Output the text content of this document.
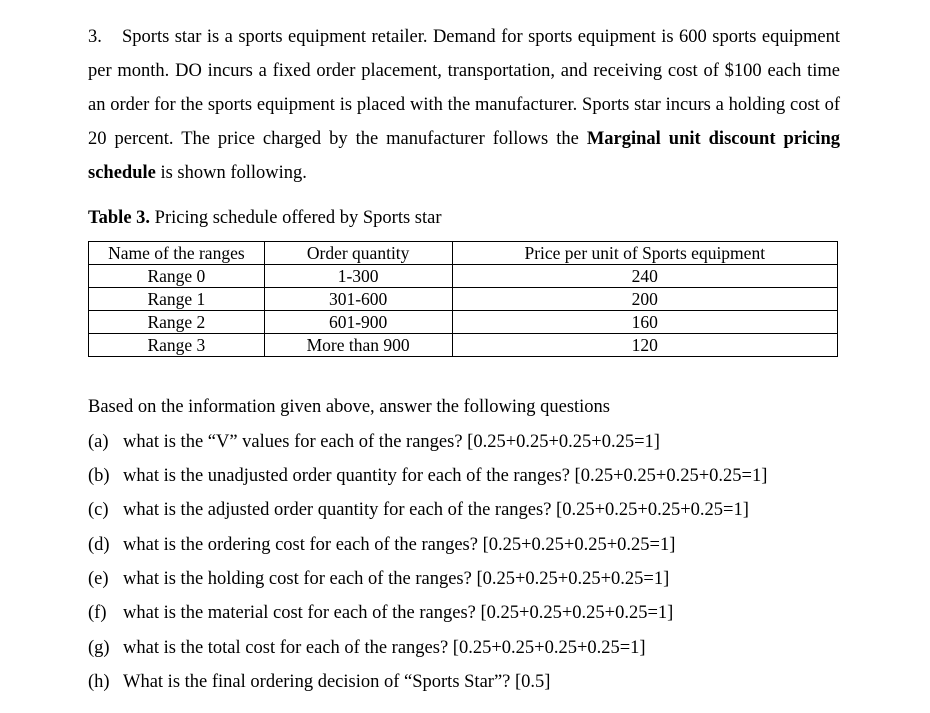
3. Sports star is a sports equipment retailer. Demand for sports equipment is 600 sports equipment per month. DO incurs a fixed order placement, transportation, and receiving cost of $100 each time an order for the sports equipment is placed with the manufacturer. Sports star incurs a holding cost of 20 percent. The price charged by the manufacturer follows the Marginal unit discount pricing schedule is shown following.
Table 3. Pricing schedule offered by Sports star
Name of the ranges	Order quantity	Price per unit of Sports equipment
Range 0	1-300	240
Range 1	301-600	200
Range 2	601-900	160
Range 3	More than 900	120
Based on the information given above, answer the following questions
(a) what is the “V” values for each of the ranges? [0.25+0.25+0.25+0.25=1]
(b) what is the unadjusted order quantity for each of the ranges? [0.25+0.25+0.25+0.25=1]
(c) what is the adjusted order quantity for each of the ranges? [0.25+0.25+0.25+0.25=1]
(d) what is the ordering cost for each of the ranges? [0.25+0.25+0.25+0.25=1]
(e) what is the holding cost for each of the ranges? [0.25+0.25+0.25+0.25=1]
(f) what is the material cost for each of the ranges? [0.25+0.25+0.25+0.25=1]
(g) what is the total cost for each of the ranges? [0.25+0.25+0.25+0.25=1]
(h) What is the final ordering decision of “Sports Star”? [0.5]
